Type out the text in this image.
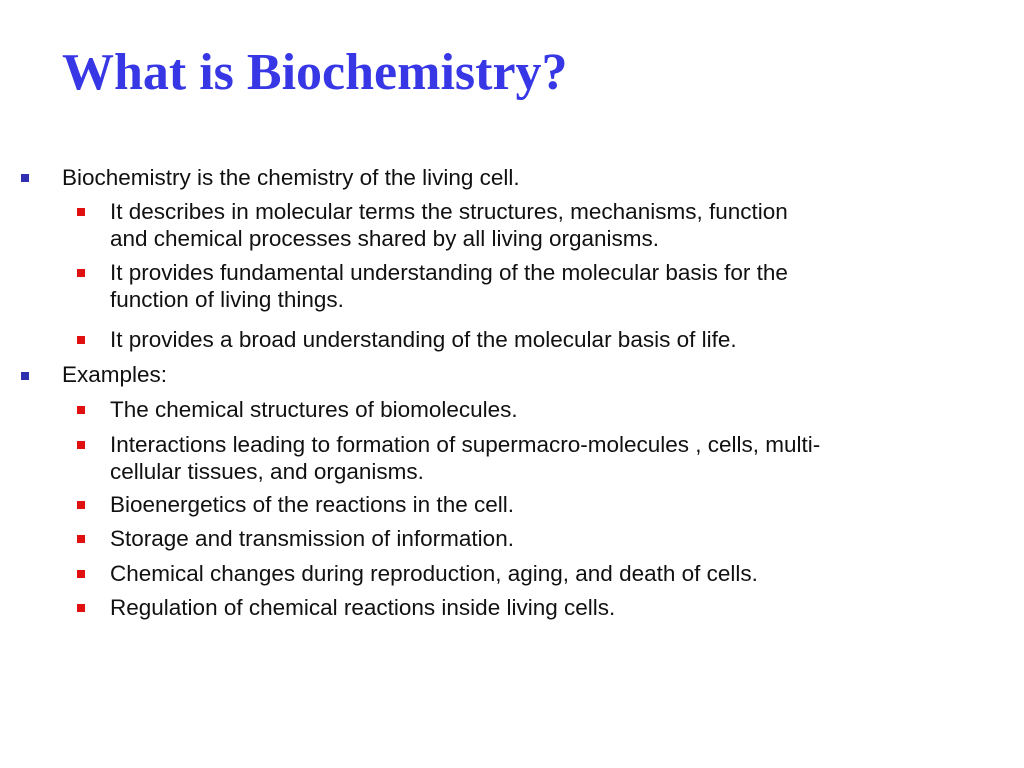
What is Biochemistry?
Biochemistry is the chemistry of the living cell.
It describes in molecular terms the structures, mechanisms, function
and chemical processes shared by all living organisms.
It provides fundamental understanding of the molecular basis for the
function of living things.
It provides a broad understanding of the molecular basis of life.
Examples:
The chemical structures of biomolecules.
Interactions leading to formation of supermacro-molecules , cells, multi-
cellular tissues, and organisms.
Bioenergetics of the reactions in the cell.
Storage and transmission of information.
Chemical changes during reproduction, aging, and death of cells.
Regulation of chemical reactions inside living cells.
